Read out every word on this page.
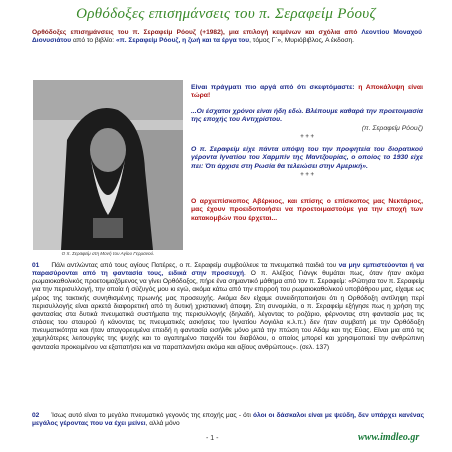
Ορθόδοξες επισημάνσεις του π. Σεραφείμ Ρόουζ
Ορθόδοξες επισημάνσεις του π. Σεραφείμ Ρόουζ (+1982), μια επιλογή κειμένων και σχόλια από Λεοντίου Μοναχού Διονυσιάτου από το βιβλίο: «π. Σεραφείμ Ρόουζ, η ζωή και τα έργα του, τόμος Γ΄», Μυριόβιβλος, Α έκδοση.
Ο π. Σεραφείμ στη Μονή του Αγίου Γερμανού.
Είναι πράγματι πιο αργά από ότι σκεφτόμαστε: η Αποκάλυψη είναι τώρα!
...Οι έσχατοι χρόνοι είναι ήδη εδώ. Βλέπουμε καθαρά την προετοιμασία της εποχής του Αντιχρίστου.
(π. Σεραφείμ Ρόουζ)
+ + +
Ο π. Σεραφείμ είχε πάντα υπόψη του την προφητεία του διορατικού γέροντα Ιγνατίου του Χαρμπίν της Μαντζουρίας, ο οποίος το 1930 είχε πει: Ότι άρχισε στη Ρωσία θα τελειώσει στην Αμερική».
+ + +
Ο αρχιεπίσκοπος Αβέρκιος, και επίσης ο επίσκοπος μας Νεκτάριος, μας έχουν προειδοποιήσει να προετοιμαστούμε για την εποχή των κατακομβών που έρχεται...
01 Πάλι αντλώντας από τους αγίους Πατέρες, ο π. Σεραφείμ συμβούλευε τα πνευματικά παιδιά του να μην εμπιστεύονται ή να παρασύρονται από τη φαντασία τους, ειδικά στην προσευχή. Ο π. Αλέξιος Γιάνγκ θυμάται πως, όταν ήταν ακόμα ρωμαιοκαθολικός προετοιμαζόμενος να γίνει Ορθόδοξος, πήρε ένα σημαντικό μάθημα από τον π. Σεραφείμ: «Ρώτησα τον π. Σεραφείμ για την περισυλλογή, την οποία ή σύζυγός μου κι εγώ, ακόμα κάτω από την επιρροή του ρωμαιοκαθολικού υποβάθρου μας, είχαμε ως μέρος της τακτικής συνηθισμένης πρωινής μας προσευχής. Ακόμα δεν είχαμε συνειδητοποιήσει ότι η Ορθόδοξη αντίληψη περί περισυλλογής είναι αρκετά διαφορετική από τη δυτική χριστιανική άποψη. Στη συνομιλία, ο π. Σεραφείμ εξήγησε πως η χρήση της φαντασίας στα δυτικά πνευματικά συστήματα της περισυλλογής (δηλαδή, λέγοντας το ροζάριο, φέρνοντας στη φαντασία μας τις στάσεις του σταυρού ή κάνοντας τις πνευματικές ασκήσεις του Ιγνατίου Λογιόλα κ.λ.π.) δεν ήταν συμβατή με την Ορθόδοξη πνευματικότητα και ήταν απαγορευμένα επειδή η φαντασία εισήλθε μόνο μετά την πτώση του Αδάμ και της Εύας. Είναι μια από τις χαμηλότερες λειτουργίες της ψυχής και το αγαπημένο παιχνίδι του διαβόλου, ο οποίος μπορεί και χρησιμοποιεί την ανθρώπινη φαντασία προκειμένου να εξαπατήσει και να παραπλανήσει ακόμα και αξίους ανθρώπους». (σελ. 137)
02 Ίσως αυτό είναι το μεγάλο πνευματικό γεγονός της εποχής μας - ότι όλοι οι δάσκαλοι είναι με ψεύδη, δεν υπάρχει κανένας μεγάλος γέροντας που να έχει μείνει, αλλά μόνο
- 1 -	www.imdleo.gr
